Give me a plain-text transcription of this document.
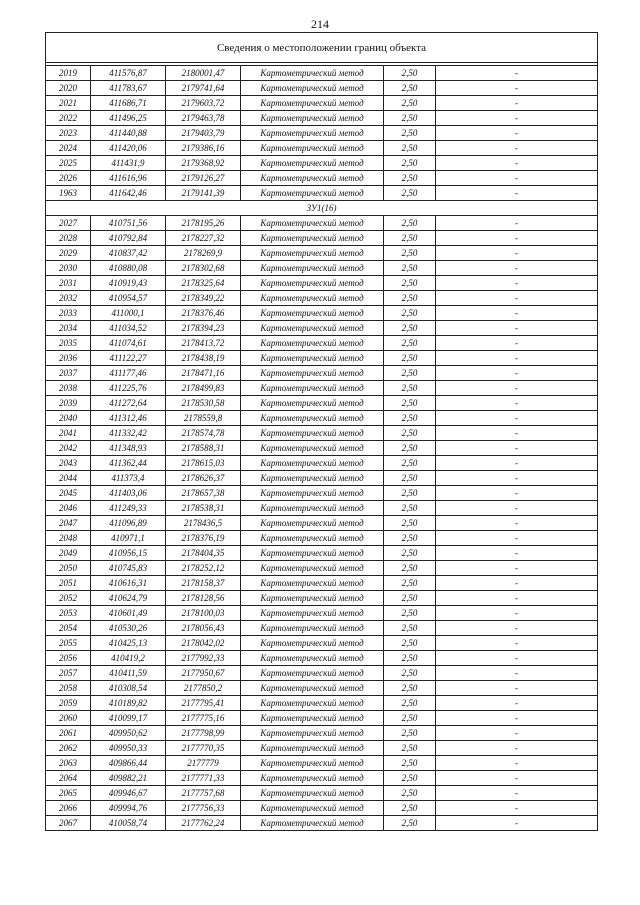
214
Сведения о местоположении границ объекта					

2019	411576,87	2180001,47	Картометрический метод	2,50	-
2020	411783,67	2179741,64	Картометрический метод	2,50	-
2021	411686,71	2179603,72	Картометрический метод	2,50	-
2022	411496,25	2179463,78	Картометрический метод	2,50	-
2023	411440,88	2179403,79	Картометрический метод	2,50	-
2024	411420,06	2179386,16	Картометрический метод	2,50	-
2025	411431,9	2179368,92	Картометрический метод	2,50	-
2026	411616,96	2179126,27	Картометрический метод	2,50	-
1963	411642,46	2179141,39	Картометрический метод	2,50	-
ЗУ1(16)					
2027	410751,56	2178195,26	Картометрический метод	2,50	-
2028	410792,84	2178227,32	Картометрический метод	2,50	-
2029	410837,42	2178269,9	Картометрический метод	2,50	-
2030	410880,08	2178302,68	Картометрический метод	2,50	-
2031	410919,43	2178325,64	Картометрический метод	2,50	-
2032	410954,57	2178349,22	Картометрический метод	2,50	-
2033	411000,1	2178376,46	Картометрический метод	2,50	-
2034	411034,52	2178394,23	Картометрический метод	2,50	-
2035	411074,61	2178413,72	Картометрический метод	2,50	-
2036	411122,27	2178438,19	Картометрический метод	2,50	-
2037	411177,46	2178471,16	Картометрический метод	2,50	-
2038	411225,76	2178499,83	Картометрический метод	2,50	-
2039	411272,64	2178530,58	Картометрический метод	2,50	-
2040	411312,46	2178559,8	Картометрический метод	2,50	-
2041	411332,42	2178574,78	Картометрический метод	2,50	-
2042	411348,93	2178588,31	Картометрический метод	2,50	-
2043	411362,44	2178615,03	Картометрический метод	2,50	-
2044	411373,4	2178626,37	Картометрический метод	2,50	-
2045	411403,06	2178657,38	Картометрический метод	2,50	-
2046	411249,33	2178538,31	Картометрический метод	2,50	-
2047	411096,89	2178436,5	Картометрический метод	2,50	-
2048	410971,1	2178376,19	Картометрический метод	2,50	-
2049	410956,15	2178404,35	Картометрический метод	2,50	-
2050	410745,83	2178252,12	Картометрический метод	2,50	-
2051	410616,31	2178158,37	Картометрический метод	2,50	-
2052	410624,79	2178128,56	Картометрический метод	2,50	-
2053	410601,49	2178100,03	Картометрический метод	2,50	-
2054	410530,26	2178056,43	Картометрический метод	2,50	-
2055	410425,13	2178042,02	Картометрический метод	2,50	-
2056	410419,2	2177992,33	Картометрический метод	2,50	-
2057	410411,59	2177950,67	Картометрический метод	2,50	-
2058	410308,54	2177850,2	Картометрический метод	2,50	-
2059	410189,82	2177795,41	Картометрический метод	2,50	-
2060	410099,17	2177775,16	Картометрический метод	2,50	-
2061	409950,62	2177798,99	Картометрический метод	2,50	-
2062	409950,33	2177770,35	Картометрический метод	2,50	-
2063	409866,44	2177779	Картометрический метод	2,50	-
2064	409882,21	2177771,33	Картометрический метод	2,50	-
2065	409946,67	2177757,68	Картометрический метод	2,50	-
2066	409994,76	2177756,33	Картометрический метод	2,50	-
2067	410058,74	2177762,24	Картометрический метод	2,50	-
